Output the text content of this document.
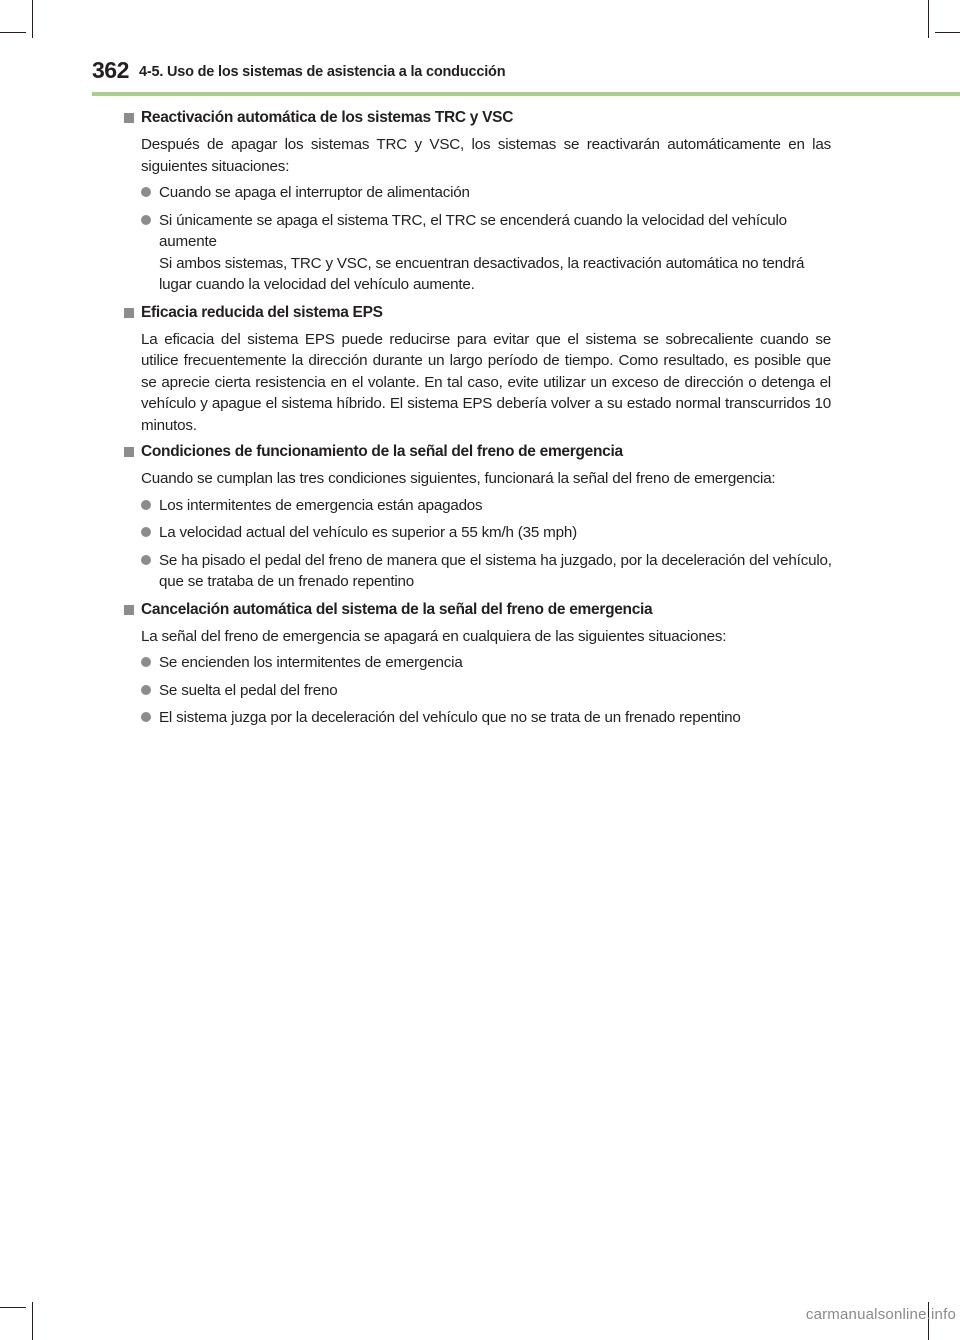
362 4-5. Uso de los sistemas de asistencia a la conducción
Reactivación automática de los sistemas TRC y VSC

Después de apagar los sistemas TRC y VSC, los sistemas se reactivarán automáticamente en las siguientes situaciones:

Cuando se apaga el interruptor de alimentación
Si únicamente se apaga el sistema TRC, el TRC se encenderá cuando la velocidad del vehículo aumente
Si ambos sistemas, TRC y VSC, se encuentran desactivados, la reactivación automática no tendrá lugar cuando la velocidad del vehículo aumente.
Eficacia reducida del sistema EPS

La eficacia del sistema EPS puede reducirse para evitar que el sistema se sobrecaliente cuando se utilice frecuentemente la dirección durante un largo período de tiempo. Como resultado, es posible que se aprecie cierta resistencia en el volante. En tal caso, evite utilizar un exceso de dirección o detenga el vehículo y apague el sistema híbrido. El sistema EPS debería volver a su estado normal transcurridos 10 minutos.

Condiciones de funcionamiento de la señal del freno de emergencia

Cuando se cumplan las tres condiciones siguientes, funcionará la señal del freno de emergencia:

Los intermitentes de emergencia están apagados
La velocidad actual del vehículo es superior a 55 km/h (35 mph)
Se ha pisado el pedal del freno de manera que el sistema ha juzgado, por la deceleración del vehículo, que se trataba de un frenado repentino
Cancelación automática del sistema de la señal del freno de emergencia

La señal del freno de emergencia se apagará en cualquiera de las siguientes situaciones:

Se encienden los intermitentes de emergencia
Se suelta el pedal del freno
El sistema juzga por la deceleración del vehículo que no se trata de un frenado repentino
carmanualsonline.info
